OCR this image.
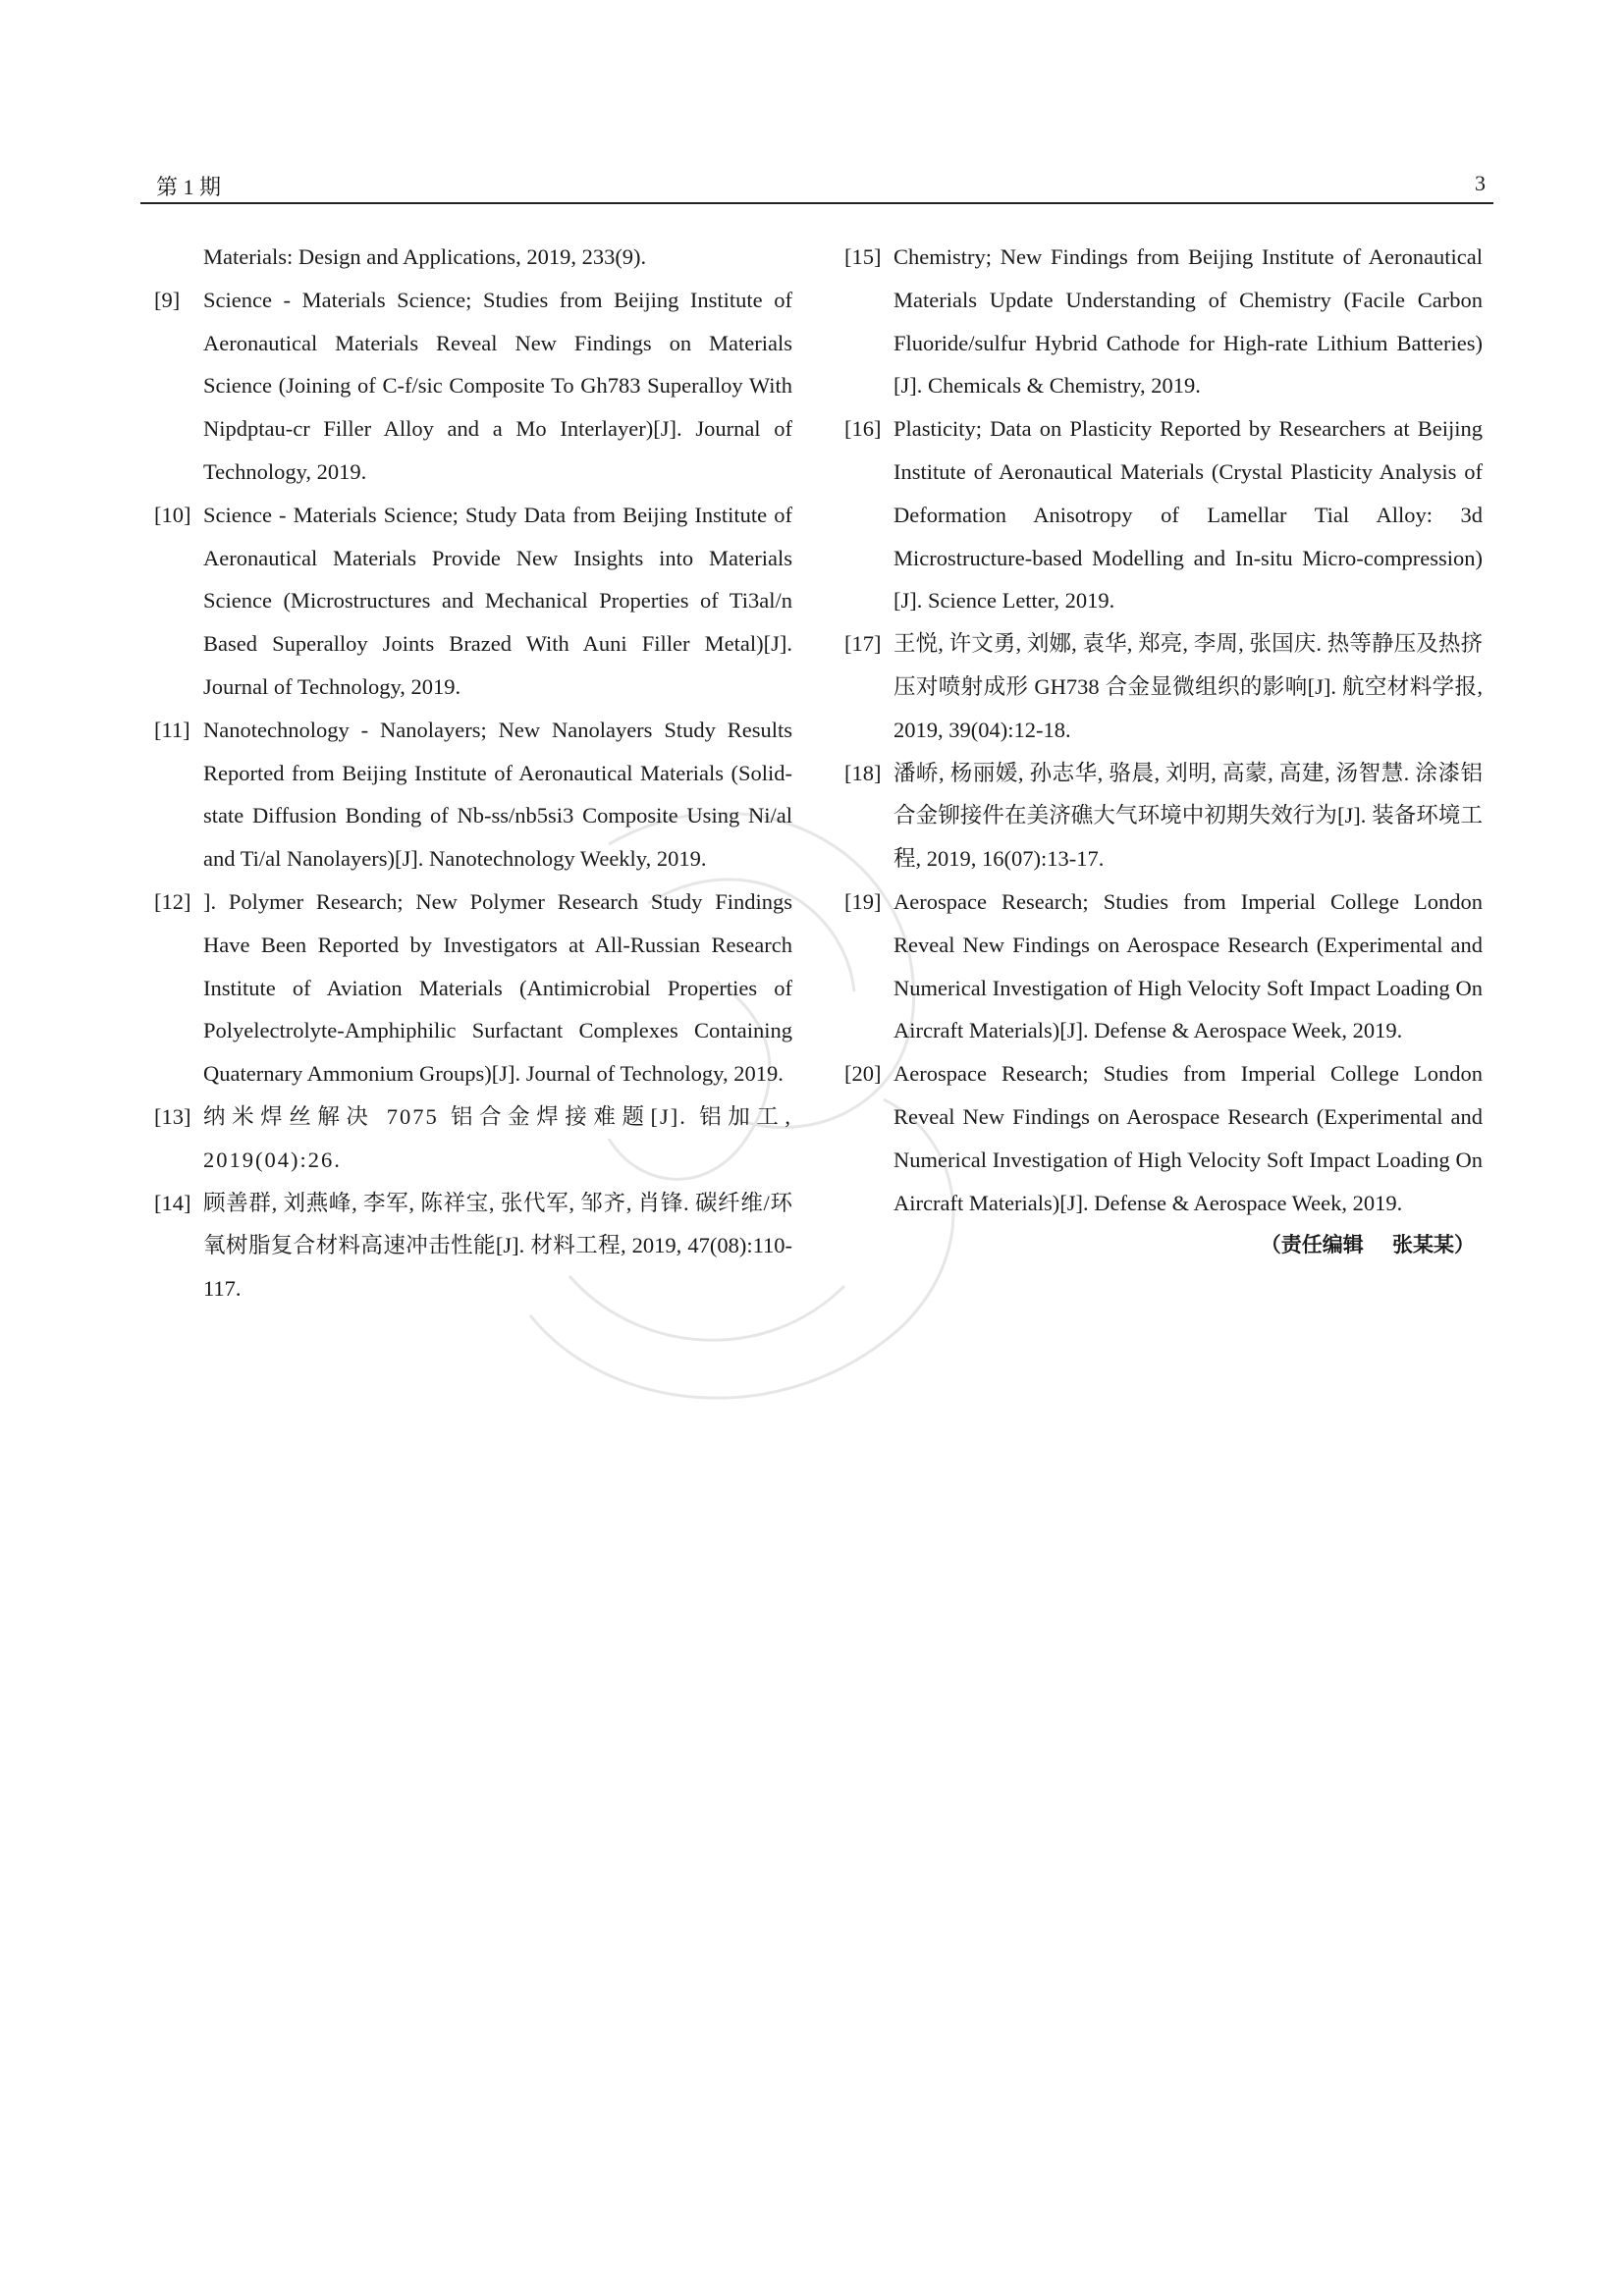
第 1 期	3
Materials: Design and Applications, 2019, 233(9).
[9]	Science - Materials Science; Studies from Beijing Institute of Aeronautical Materials Reveal New Findings on Materials Science (Joining of C-f/sic Composite To Gh783 Superalloy With Nipdptau-cr Filler Alloy and a Mo Interlayer)[J]. Journal of Technology, 2019.
[10] Science - Materials Science; Study Data from Beijing Institute of Aeronautical Materials Provide New Insights into Materials Science (Microstructures and Mechanical Properties of Ti3al/n Based Superalloy Joints Brazed With Auni Filler Metal)[J]. Journal of Technology, 2019.
[11] Nanotechnology - Nanolayers; New Nanolayers Study Results Reported from Beijing Institute of Aeronautical Materials (Solid-state Diffusion Bonding of Nb-ss/nb5si3 Composite Using Ni/al and Ti/al Nanolayers)[J]. Nanotechnology Weekly, 2019.
[12] ]. Polymer Research; New Polymer Research Study Findings Have Been Reported by Investigators at All-Russian Research Institute of Aviation Materials (Antimicrobial Properties of Polyelectrolyte-Amphiphilic Surfactant Complexes Containing Quaternary Ammonium Groups)[J]. Journal of Technology, 2019.
[13] 纳米焊丝解决 7075 铝合金焊接难题[J]. 铝加工, 2019(04):26.
[14] 顾善群, 刘燕峰, 李军, 陈祥宝, 张代军, 邹齐, 肖锋. 碳纤维/环氧树脂复合材料高速冲击性能[J]. 材料工程, 2019, 47(08):110-117.
[15] Chemistry; New Findings from Beijing Institute of Aeronautical Materials Update Understanding of Chemistry (Facile Carbon Fluoride/sulfur Hybrid Cathode for High-rate Lithium Batteries)[J]. Chemicals & Chemistry, 2019.
[16] Plasticity; Data on Plasticity Reported by Researchers at Beijing Institute of Aeronautical Materials (Crystal Plasticity Analysis of Deformation Anisotropy of Lamellar Tial Alloy: 3d Microstructure-based Modelling and In-situ Micro-compression)[J]. Science Letter, 2019.
[17] 王悦, 许文勇, 刘娜, 袁华, 郑亮, 李周, 张国庆. 热等静压及热挤压对喷射成形 GH738 合金显微组织的影响[J]. 航空材料学报, 2019, 39(04):12-18.
[18] 潘峤, 杨丽媛, 孙志华, 骆晨, 刘明, 高蒙, 高建, 汤智慧. 涂漆铝合金铆接件在美济礁大气环境中初期失效行为[J]. 装备环境工程, 2019, 16(07):13-17.
[19] Aerospace Research; Studies from Imperial College London Reveal New Findings on Aerospace Research (Experimental and Numerical Investigation of High Velocity Soft Impact Loading On Aircraft Materials)[J]. Defense & Aerospace Week, 2019.
[20] Aerospace Research; Studies from Imperial College London Reveal New Findings on Aerospace Research (Experimental and Numerical Investigation of High Velocity Soft Impact Loading On Aircraft Materials)[J]. Defense & Aerospace Week, 2019.
（责任编辑    张某某）
